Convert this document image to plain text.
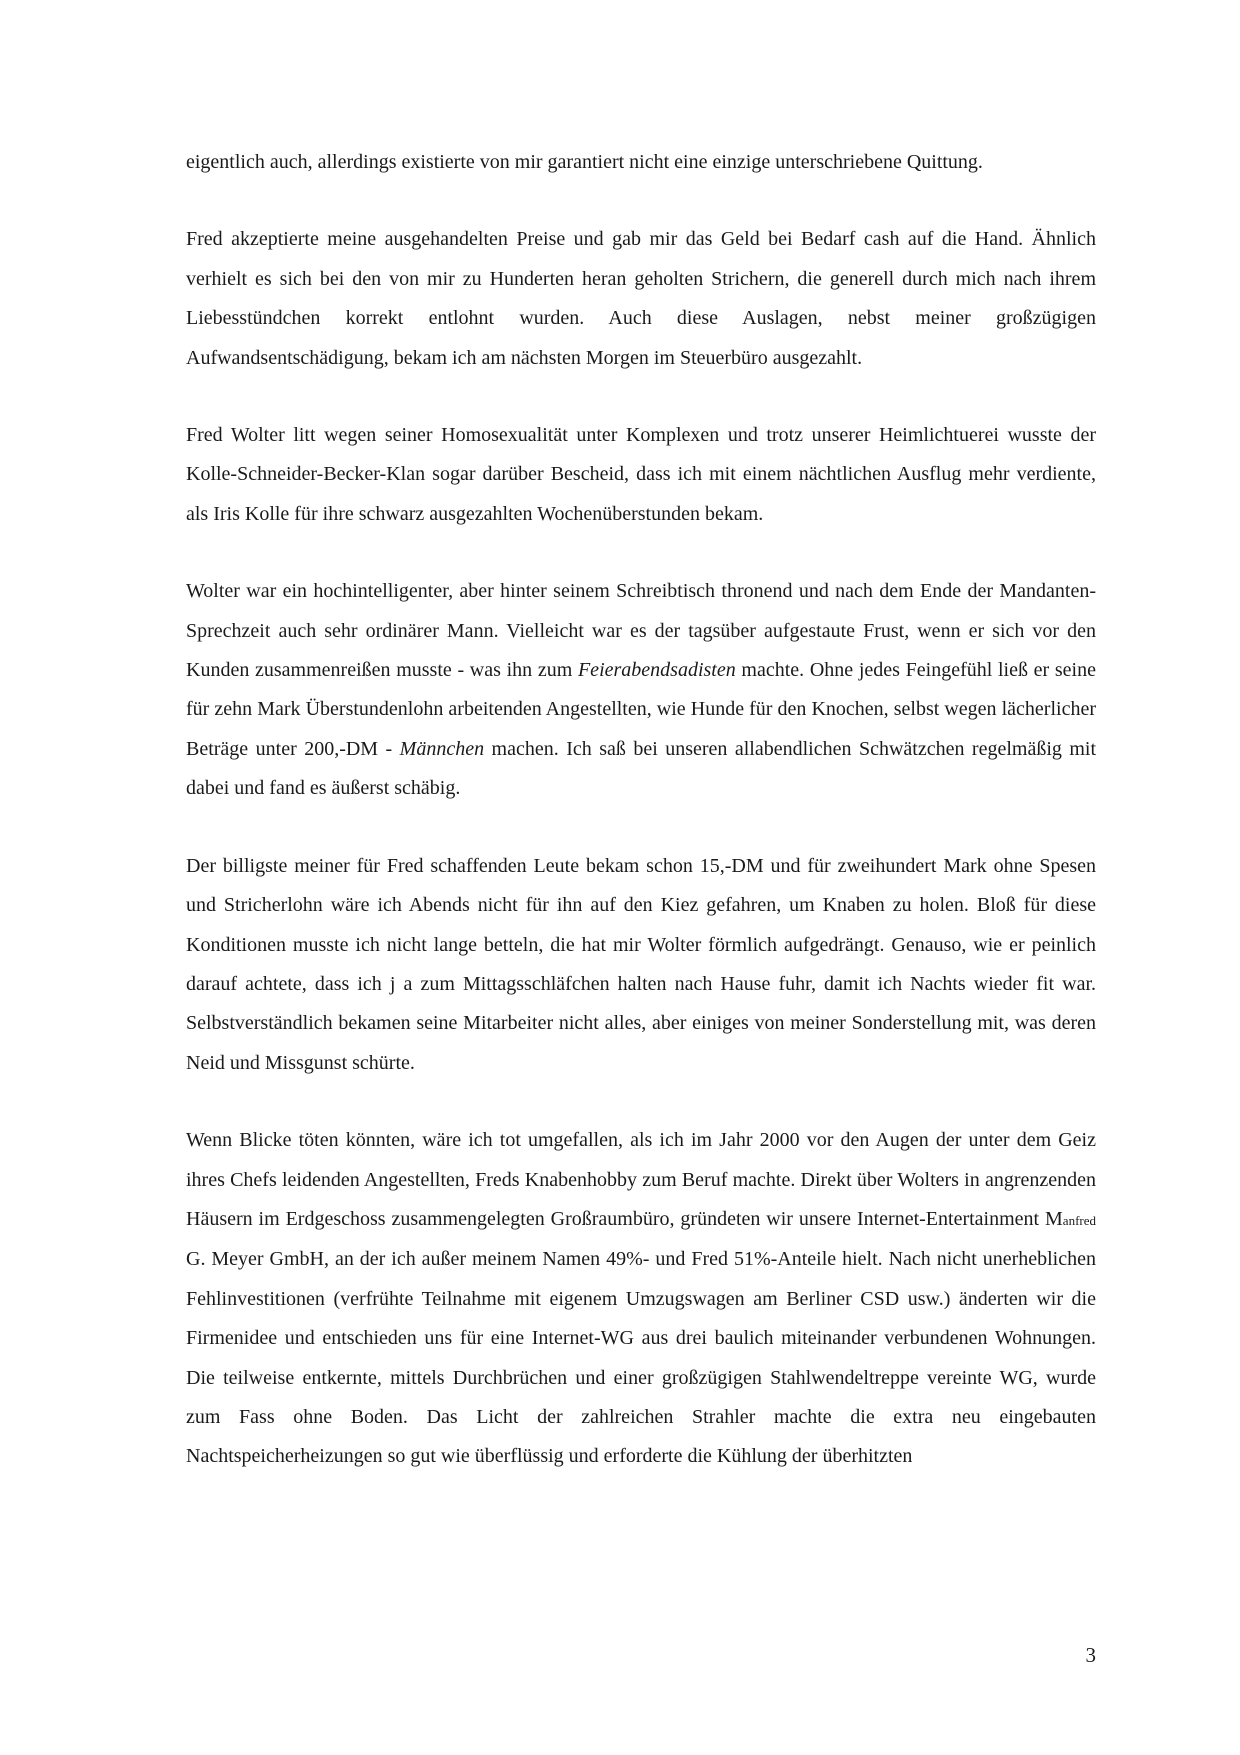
eigentlich auch, allerdings existierte von mir garantiert nicht eine einzige unterschriebene Quittung.

Fred akzeptierte meine ausgehandelten Preise und gab mir das Geld bei Bedarf cash auf die Hand. Ähnlich verhielt es sich bei den von mir zu Hunderten heran geholten Strichern, die generell durch mich nach ihrem Liebesstündchen korrekt entlohnt wurden. Auch diese Auslagen, nebst meiner großzügigen Aufwandsentschädigung, bekam ich am nächsten Morgen im Steuerbüro ausgezahlt.

Fred Wolter litt wegen seiner Homosexualität unter Komplexen und trotz unserer Heimlichtuerei wusste der Kolle-Schneider-Becker-Klan sogar darüber Bescheid, dass ich mit einem nächtlichen Ausflug mehr verdiente, als Iris Kolle für ihre schwarz ausgezahlten Wochenüberstunden bekam.

Wolter war ein hochintelligenter, aber hinter seinem Schreibtisch thronend und nach dem Ende der Mandanten-Sprechzeit auch sehr ordinärer Mann. Vielleicht war es der tagsüber aufgestaute Frust, wenn er sich vor den Kunden zusammenreißen musste - was ihn zum Feierabendsadisten machte. Ohne jedes Feingefühl ließ er seine für zehn Mark Überstundenlohn arbeitenden Angestellten, wie Hunde für den Knochen, selbst wegen lächerlicher Beträge unter 200,-DM - Männchen machen. Ich saß bei unseren allabendlichen Schwätzchen regelmäßig mit dabei und fand es äußerst schäbig.

Der billigste meiner für Fred schaffenden Leute bekam schon 15,-DM und für zweihundert Mark ohne Spesen und Stricherlohn wäre ich Abends nicht für ihn auf den Kiez gefahren, um Knaben zu holen. Bloß für diese Konditionen musste ich nicht lange betteln, die hat mir Wolter förmlich aufgedrängt. Genauso, wie er peinlich darauf achtete, dass ich j a zum Mittagsschläfchen halten nach Hause fuhr, damit ich Nachts wieder fit war. Selbstverständlich bekamen seine Mitarbeiter nicht alles, aber einiges von meiner Sonderstellung mit, was deren Neid und Missgunst schürte.

Wenn Blicke töten könnten, wäre ich tot umgefallen, als ich im Jahr 2000 vor den Augen der unter dem Geiz ihres Chefs leidenden Angestellten, Freds Knabenhobby zum Beruf machte. Direkt über Wolters in angrenzenden Häusern im Erdgeschoss zusammengelegten Großraumbüro, gründeten wir unsere Internet-Entertainment Manfred G. Meyer GmbH, an der ich außer meinem Namen 49%- und Fred 51%-Anteile hielt. Nach nicht unerheblichen Fehlinvestitionen (verfrühte Teilnahme mit eigenem Umzugswagen am Berliner CSD usw.) änderten wir die Firmenidee und entschieden uns für eine Internet-WG aus drei baulich miteinander verbundenen Wohnungen. Die teilweise entkernte, mittels Durchbrüchen und einer großzügigen Stahlwendeltreppe vereinte WG, wurde zum Fass ohne Boden. Das Licht der zahlreichen Strahler machte die extra neu eingebauten Nachtspeicherheizungen so gut wie überflüssig und erforderte die Kühlung der überhitzten

3
